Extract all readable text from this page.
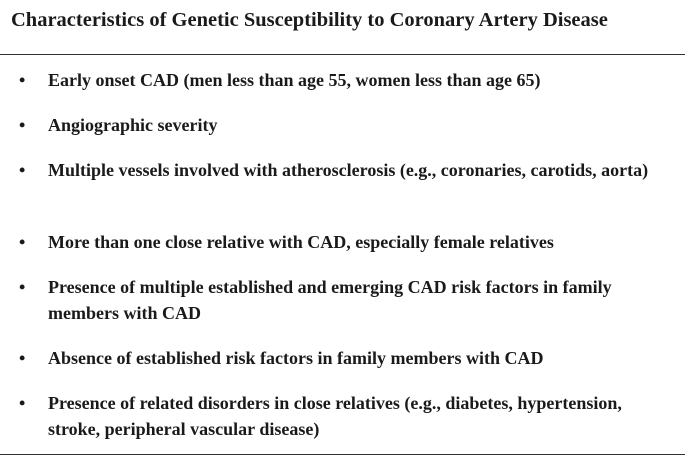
Characteristics of Genetic Susceptibility to Coronary Artery Disease
• Early onset CAD (men less than age 55, women less than age 65)
• Angiographic severity
• Multiple vessels involved with atherosclerosis (e.g., coronaries, carotids, aorta)
• More than one close relative with CAD, especially female relatives
• Presence of multiple established and emerging CAD risk factors in family members with CAD
• Absence of established risk factors in family members with CAD
• Presence of related disorders in close relatives (e.g., diabetes, hypertension, stroke, peripheral vascular disease)
